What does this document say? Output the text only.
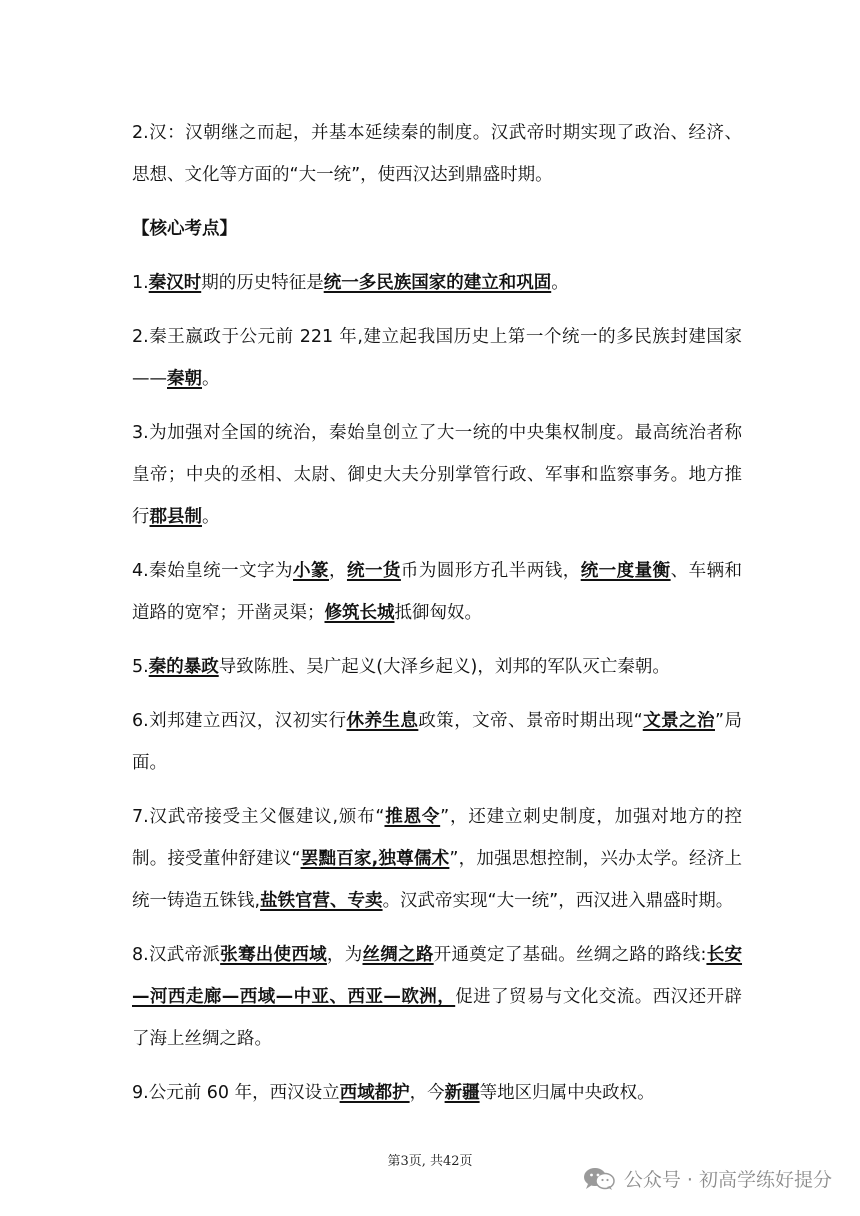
2.汉：汉朝继之而起，并基本延续秦的制度。汉武帝时期实现了政治、经济、思想、文化等方面的“大一统”，使西汉达到鼎盛时期。

【核心考点】

1.秦汉时期的历史特征是统一多民族国家的建立和巩固。

2.秦王嬴政于公元前 221 年,建立起我国历史上第一个统一的多民族封建国家——秦朝。

3.为加强对全国的统治，秦始皇创立了大一统的中央集权制度。最高统治者称皇帝；中央的丞相、太尉、御史大夫分别掌管行政、军事和监察事务。地方推行郡县制。

4.秦始皇统一文字为小篆，统一货币为圆形方孔半两钱，统一度量衡、车辆和道路的宽窄；开凿灵渠；修筑长城抵御匈奴。

5.秦的暴政导致陈胜、吴广起义(大泽乡起义)，刘邦的军队灭亡秦朝。

6.刘邦建立西汉，汉初实行休养生息政策，文帝、景帝时期出现“文景之治”局面。

7.汉武帝接受主父偃建议,颁布“推恩令”，还建立刺史制度，加强对地方的控制。接受董仲舒建议“罢黜百家,独尊儒术”，加强思想控制，兴办太学。经济上统一铸造五铢钱,盐铁官营、专卖。汉武帝实现“大一统”，西汉进入鼎盛时期。

8.汉武帝派张骞出使西域，为丝绸之路开通奠定了基础。丝绸之路的路线:长安—河西走廊—西域—中亚、西亚—欧洲，促进了贸易与文化交流。西汉还开辟了海上丝绸之路。

9.公元前 60 年，西汉设立西域都护，今新疆等地区归属中央政权。

第3页, 共42页
公众号 · 初高学练好提分
